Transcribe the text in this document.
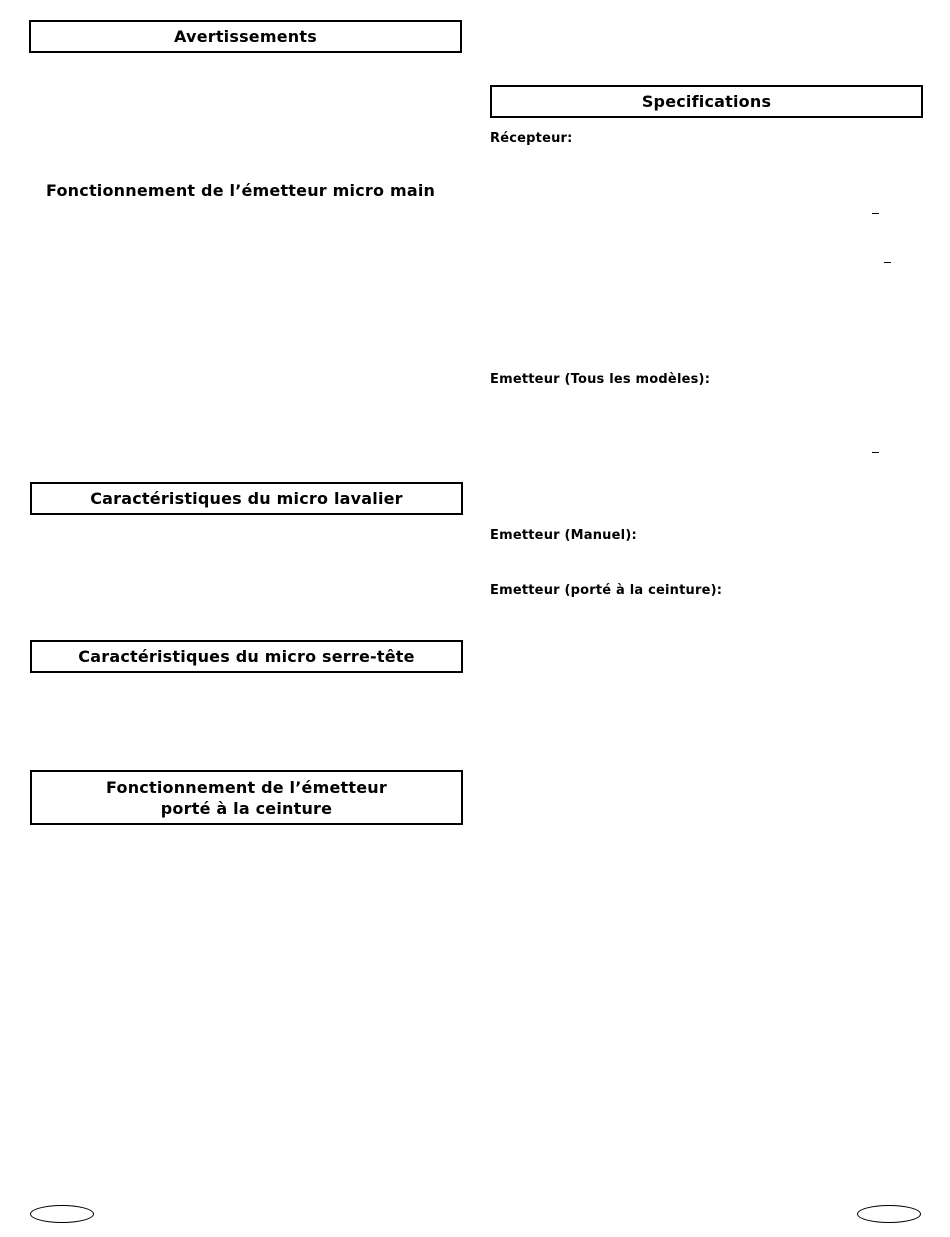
Avertissements
Fonctionnement de l’émetteur micro main
Caractéristiques du micro lavalier
Caractéristiques du micro serre-tête
Fonctionnement de l’émetteur
porté à la ceinture
Specifications
Récepteur:
Emetteur (Tous les modèles):
Emetteur (Manuel):
Emetteur (porté à la ceinture):
